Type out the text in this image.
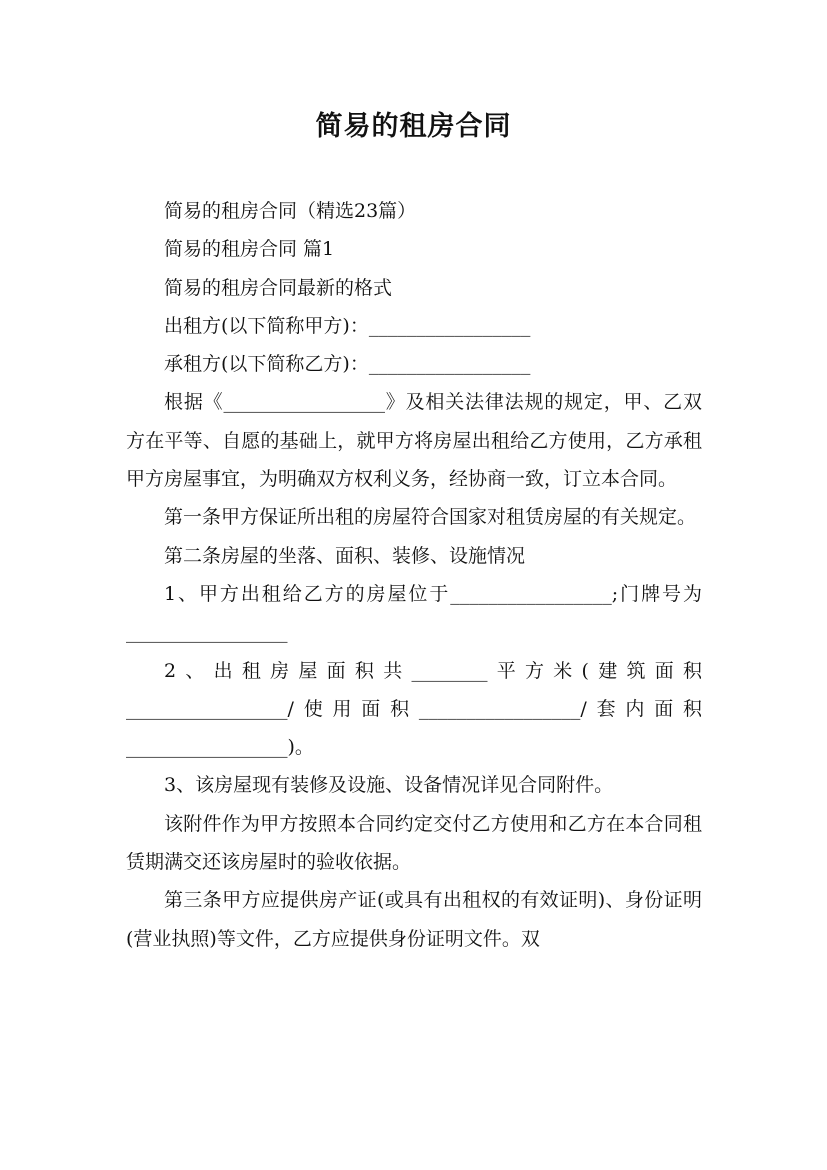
简易的租房合同

简易的租房合同（精选23篇）

简易的租房合同 篇1

简易的租房合同最新的格式

出租方(以下简称甲方)：_________________

承租方(以下简称乙方)：_________________

根据《_________________》及相关法律法规的规定，甲、乙双方在平等、自愿的基础上，就甲方将房屋出租给乙方使用，乙方承租甲方房屋事宜，为明确双方权利义务，经协商一致，订立本合同。

第一条甲方保证所出租的房屋符合国家对租赁房屋的有关规定。

第二条房屋的坐落、面积、装修、设施情况

1、甲方出租给乙方的房屋位于_________________;门牌号为_________________

2、出租房屋面积共________平方米(建筑面积_________________/使用面积_________________/套内面积_________________)。

3、该房屋现有装修及设施、设备情况详见合同附件。

该附件作为甲方按照本合同约定交付乙方使用和乙方在本合同租赁期满交还该房屋时的验收依据。

第三条甲方应提供房产证(或具有出租权的有效证明)、身份证明(营业执照)等文件，乙方应提供身份证明文件。双
